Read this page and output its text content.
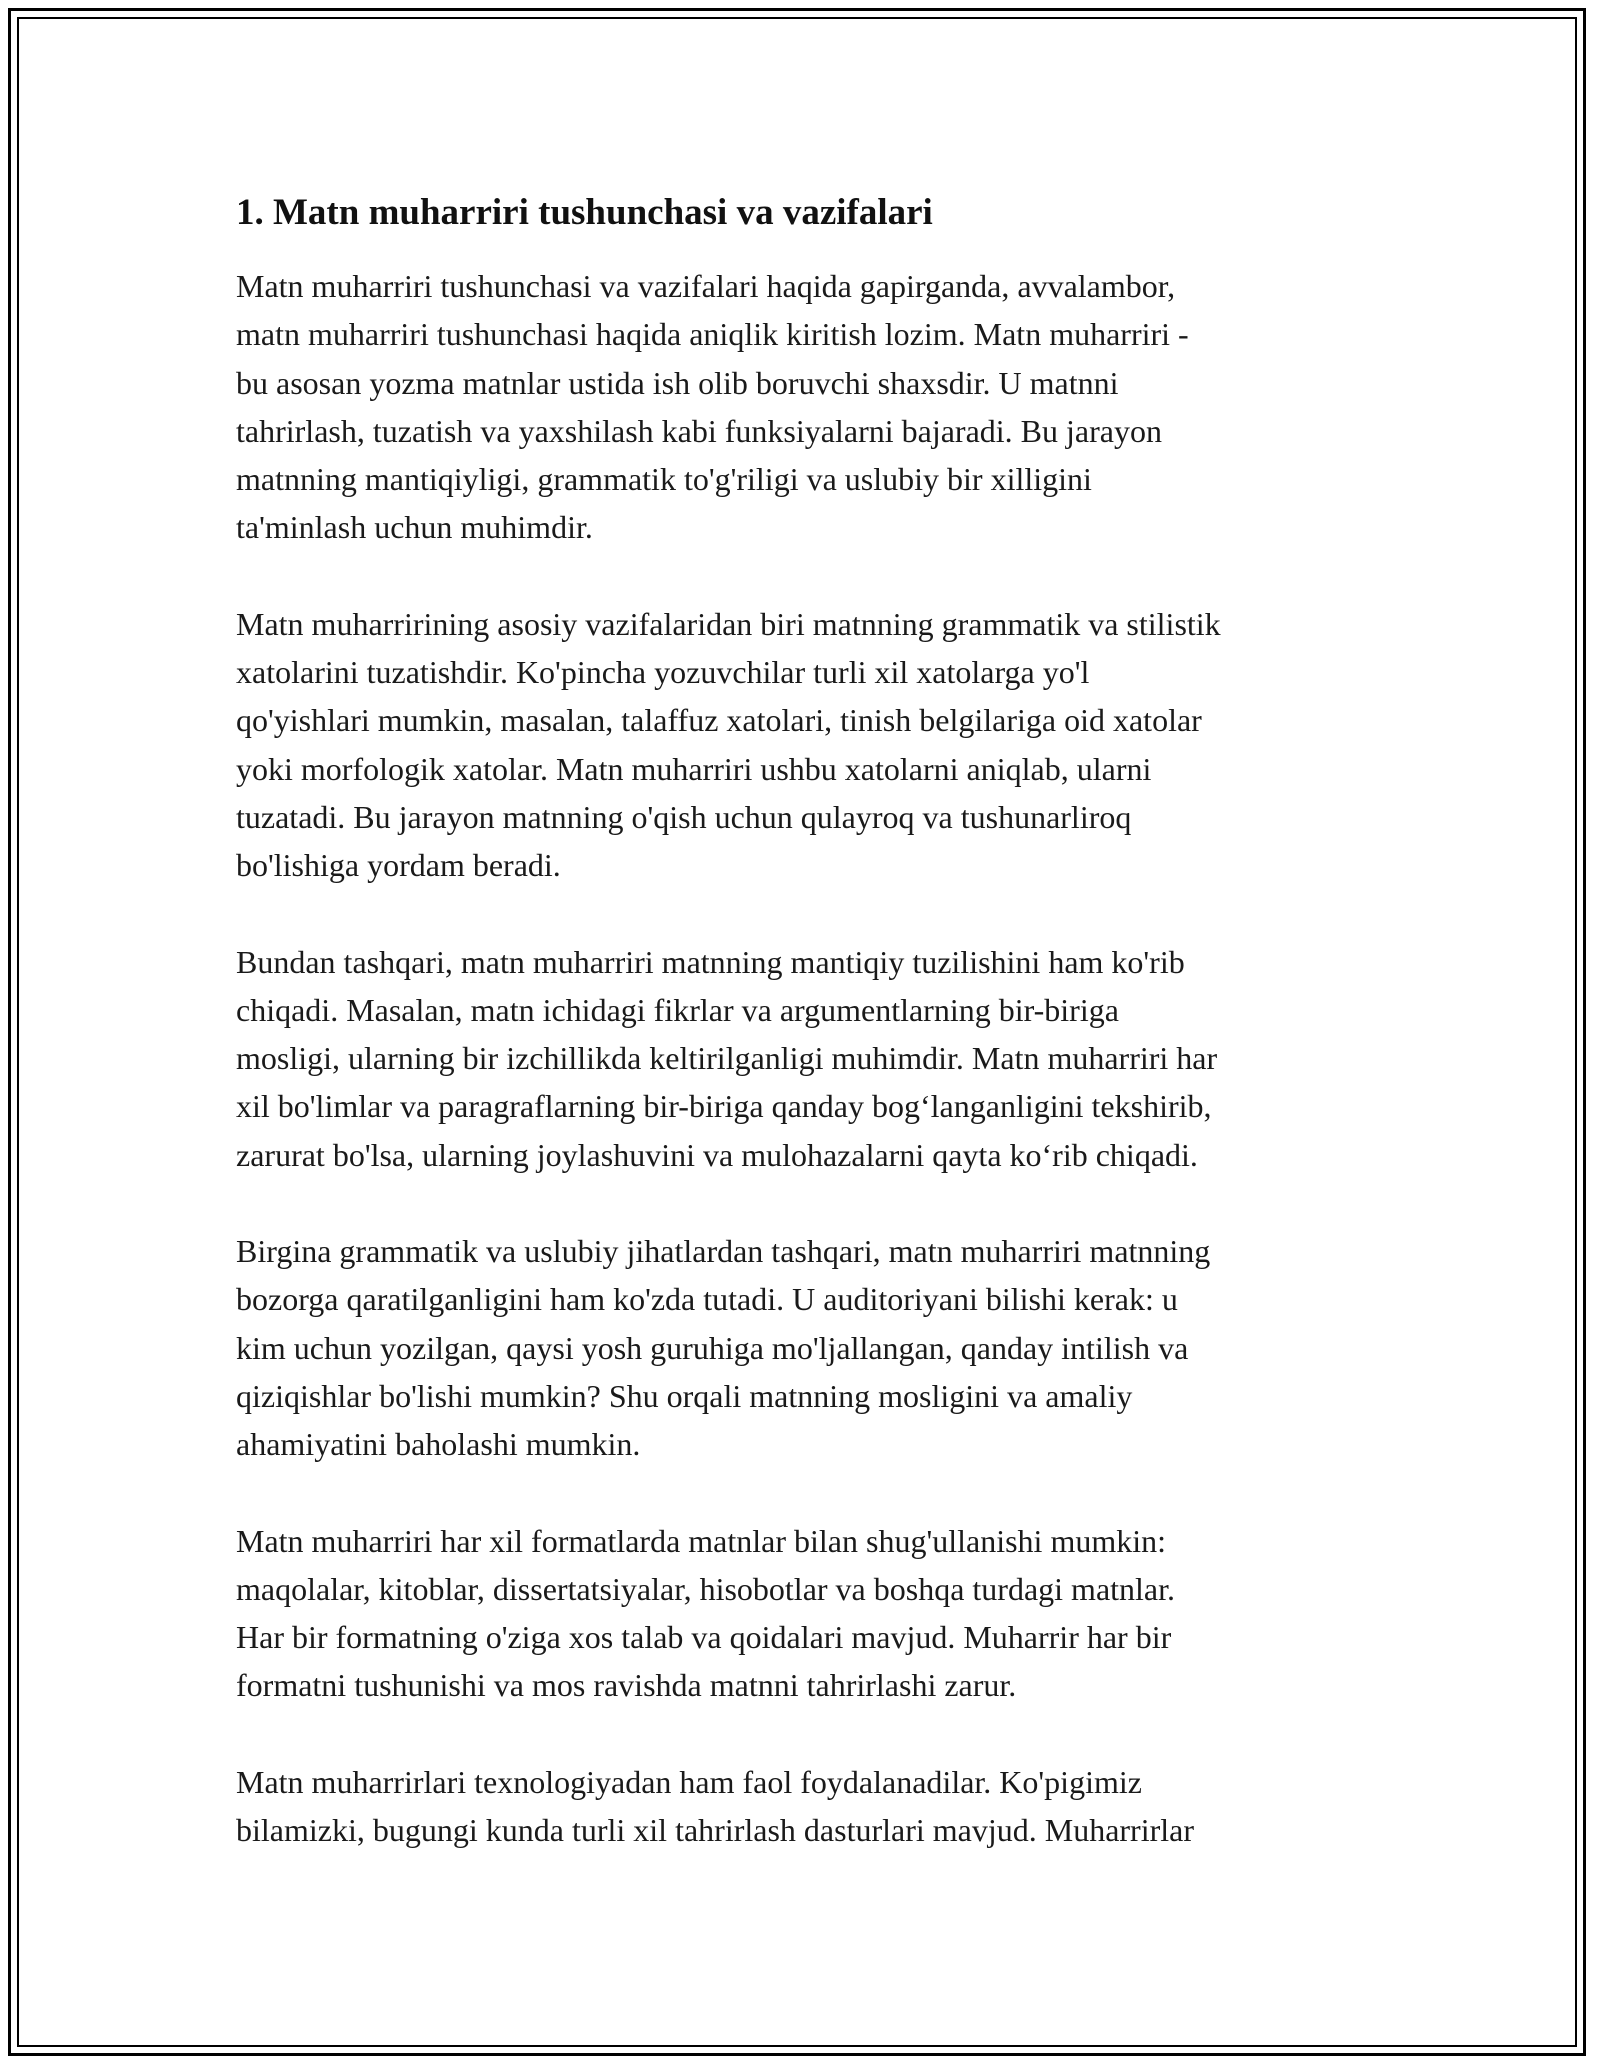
1. Matn muharriri tushunchasi va vazifalari

Matn muharriri tushunchasi va vazifalari haqida gapirganda, avvalambor,
matn muharriri tushunchasi haqida aniqlik kiritish lozim. Matn muharriri -
bu asosan yozma matnlar ustida ish olib boruvchi shaxsdir. U matnni
tahrirlash, tuzatish va yaxshilash kabi funksiyalarni bajaradi. Bu jarayon
matnning mantiqiyligi, grammatik to'g'riligi va uslubiy bir xilligini
ta'minlash uchun muhimdir.

Matn muharririning asosiy vazifalaridan biri matnning grammatik va stilistik
xatolarini tuzatishdir. Ko'pincha yozuvchilar turli xil xatolarga yo'l
qo'yishlari mumkin, masalan, talaffuz xatolari, tinish belgilariga oid xatolar
yoki morfologik xatolar. Matn muharriri ushbu xatolarni aniqlab, ularni
tuzatadi. Bu jarayon matnning o'qish uchun qulayroq va tushunarliroq
bo'lishiga yordam beradi.

Bundan tashqari, matn muharriri matnning mantiqiy tuzilishini ham ko'rib
chiqadi. Masalan, matn ichidagi fikrlar va argumentlarning bir-biriga
mosligi, ularning bir izchillikda keltirilganligi muhimdir. Matn muharriri har
xil bo'limlar va paragraflarning bir-biriga qanday bog‘langanligini tekshirib,
zarurat bo'lsa, ularning joylashuvini va mulohazalarni qayta ko‘rib chiqadi.

Birgina grammatik va uslubiy jihatlardan tashqari, matn muharriri matnning
bozorga qaratilganligini ham ko'zda tutadi. U auditoriyani bilishi kerak: u
kim uchun yozilgan, qaysi yosh guruhiga mo'ljallangan, qanday intilish va
qiziqishlar bo'lishi mumkin? Shu orqali matnning mosligini va amaliy
ahamiyatini baholashi mumkin.

Matn muharriri har xil formatlarda matnlar bilan shug'ullanishi mumkin:
maqolalar, kitoblar, dissertatsiyalar, hisobotlar va boshqa turdagi matnlar.
Har bir formatning o'ziga xos talab va qoidalari mavjud. Muharrir har bir
formatni tushunishi va mos ravishda matnni tahrirlashi zarur.

Matn muharrirlari texnologiyadan ham faol foydalanadilar. Ko'pigimiz
bilamizki, bugungi kunda turli xil tahrirlash dasturlari mavjud. Muharrirlar
